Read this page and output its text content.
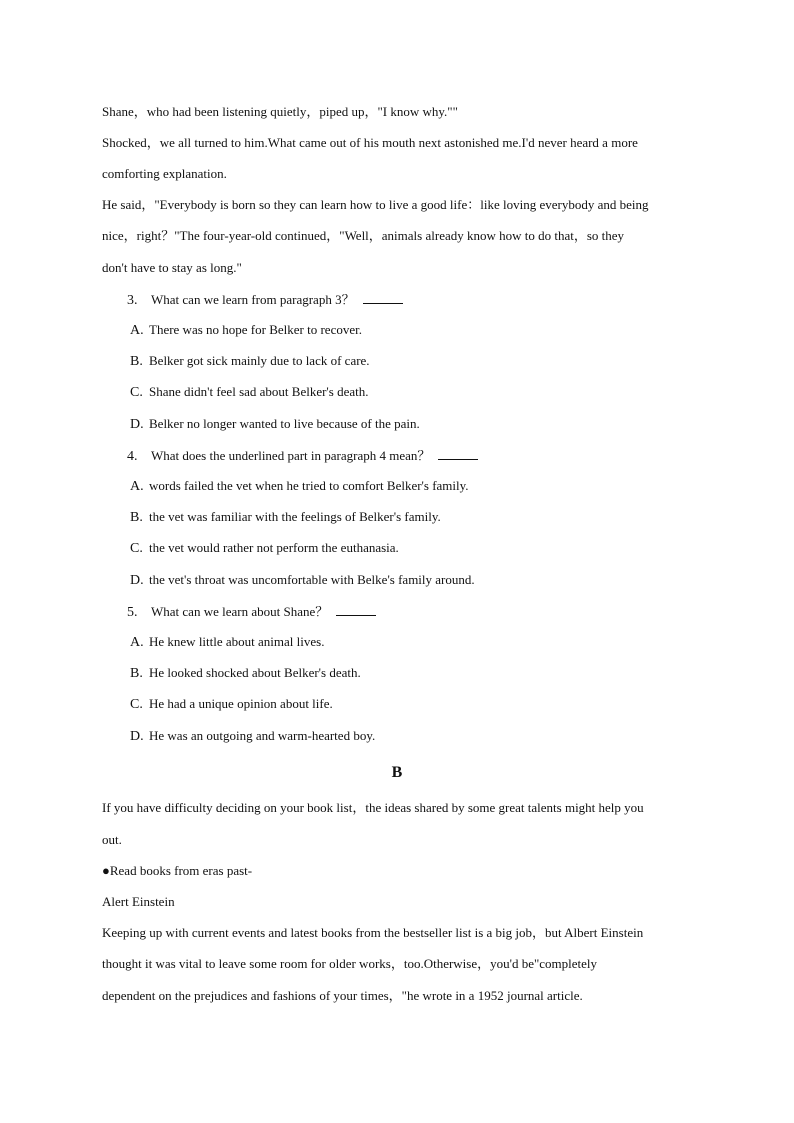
Shane，who had been listening quietly，piped up，"I know why.""
Shocked，we all turned to him.What came out of his mouth next astonished me.I'd never heard a more
comforting explanation.
He said，"Everybody is born so they can learn how to live a good life：like loving everybody and being
nice，right？"The four-year-old continued，"Well，animals already know how to do that，so they
don't have to stay as long."
3. What can we learn from paragraph 3？
A. There was no hope for Belker to recover.
B. Belker got sick mainly due to lack of care.
C. Shane didn't feel sad about Belker's death.
D. Belker no longer wanted to live because of the pain.
4. What does the underlined part in paragraph 4 mean？
A. words failed the vet when he tried to comfort Belker's family.
B. the vet was familiar with the feelings of Belker's family.
C. the vet would rather not perform the euthanasia.
D. the vet's throat was uncomfortable with Belke's family around.
5. What can we learn about Shane？
A. He knew little about animal lives.
B. He looked shocked about Belker's death.
C. He had a unique opinion about life.
D. He was an outgoing and warm-hearted boy.
B
If you have difficulty deciding on your book list，the ideas shared by some great talents might help you
out.
●Read books from eras past-
Alert Einstein
Keeping up with current events and latest books from the bestseller list is a big job，but Albert Einstein
thought it was vital to leave some room for older works，too.Otherwise，you'd be"completely
dependent on the prejudices and fashions of your times，"he wrote in a 1952 journal article.
